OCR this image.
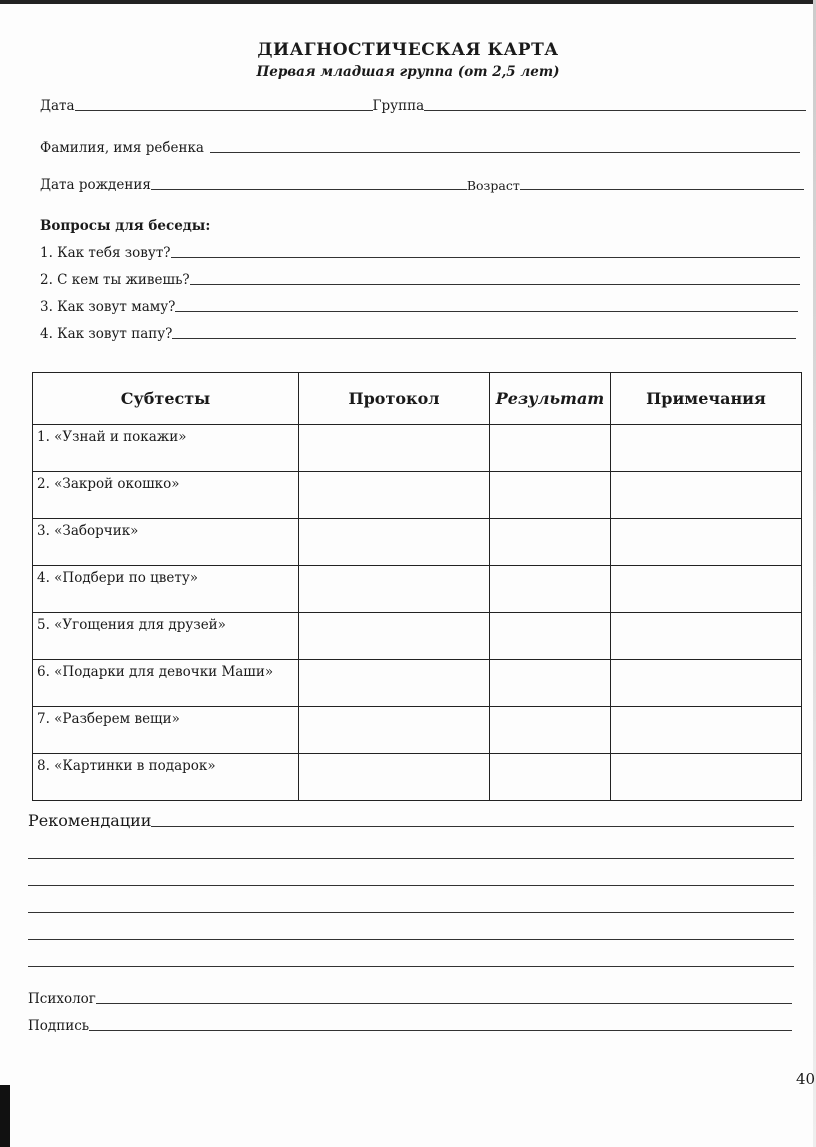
ДИАГНОСТИЧЕСКАЯ КАРТА
Первая младшая группа (от 2,5 лет)
Дата	Группа
Фамилия, имя ребенка
Дата рождения	Возраст
Вопросы для беседы:
1. Как тебя зовут?
2. С кем ты живешь?
3. Как зовут маму?
4. Как зовут папу?
Субтесты	Протокол	Результат	Примечания
1. «Узнай и покажи»			
2. «Закрой окошко»			
3. «Заборчик»			
4. «Подбери по цвету»			
5. «Угощения для друзей»			
6. «Подарки для девочки Маши»			
7. «Разберем вещи»			
8. «Картинки в подарок»			
Рекомендации
Психолог
Подпись
40
